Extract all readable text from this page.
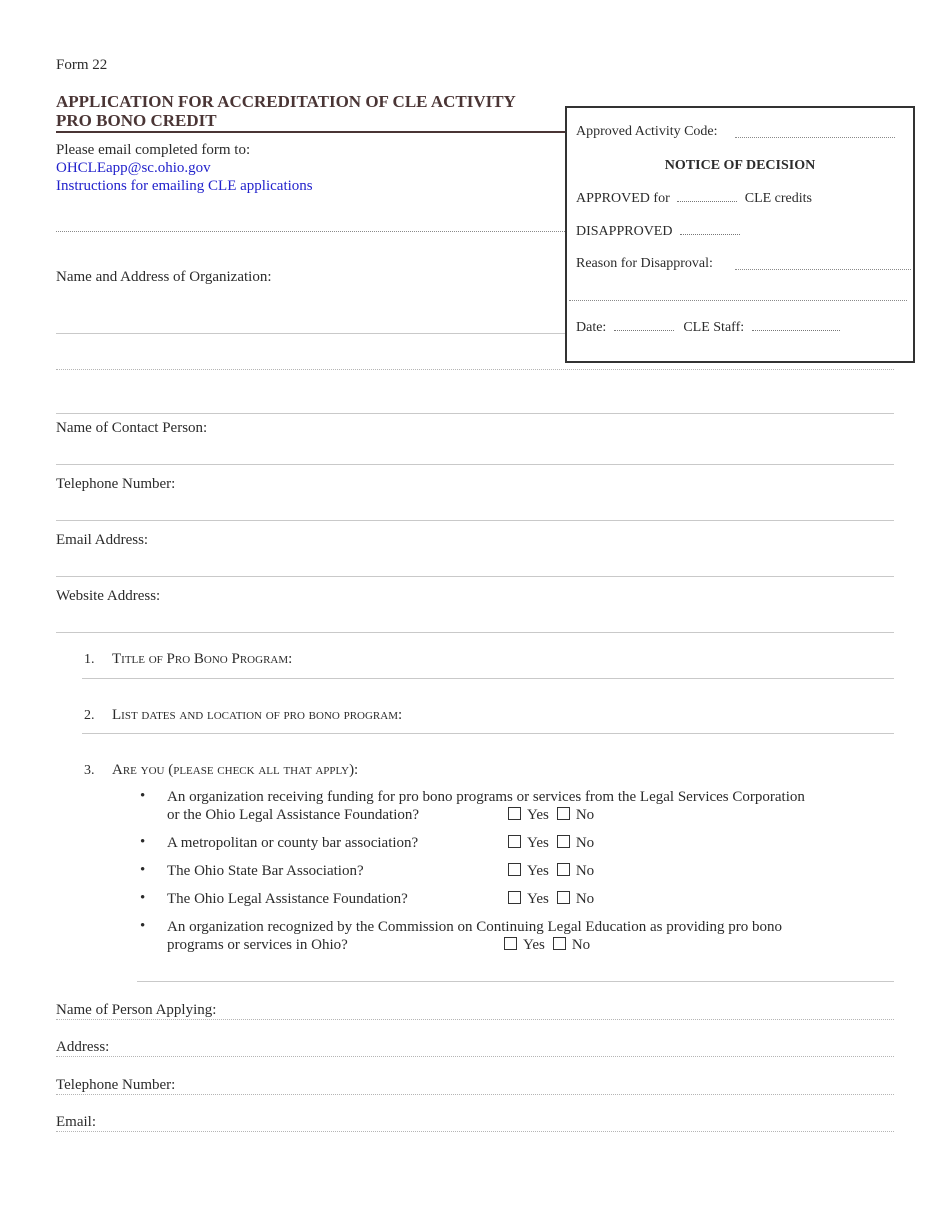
Form 22
APPLICATION FOR ACCREDITATION OF CLE ACTIVITY
PRO BONO CREDIT
Please email completed form to:
OHCLEapp@sc.ohio.gov
Instructions for emailing CLE applications
Approved Activity Code:
NOTICE OF DECISION
APPROVED for	CLE credits
DISAPPROVED
Reason for Disapproval:
Date:	CLE Staff:
Name and Address of Organization:
Name of Contact Person:
Telephone Number:
Email Address:
Website Address:
1. Title of Pro Bono Program:
2. List dates and location of pro bono program:
3. Are you (please check all that apply):
• An organization receiving funding for pro bono programs or services from the Legal Services Corporation
or the Ohio Legal Assistance Foundation?	Yes No
• A metropolitan or county bar association?	Yes No
• The Ohio State Bar Association?	Yes No
• The Ohio Legal Assistance Foundation?	Yes No
• An organization recognized by the Commission on Continuing Legal Education as providing pro bono
programs or services in Ohio?	Yes No
Name of Person Applying:
Address:
Telephone Number:
Email:
